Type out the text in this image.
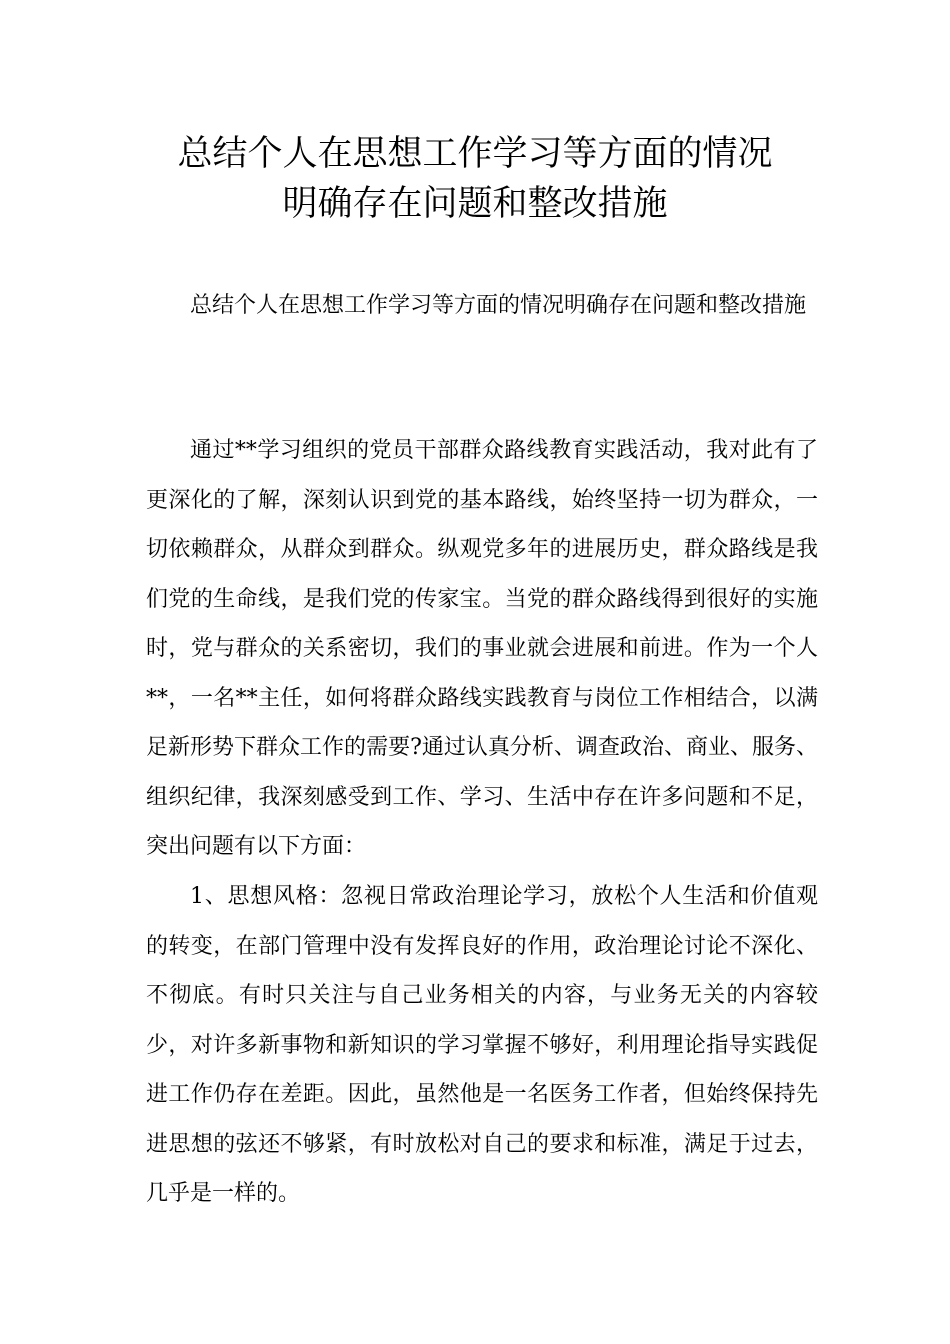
总结个人在思想工作学习等方面的情况
明确存在问题和整改措施

总结个人在思想工作学习等方面的情况明确存在问题和整改措施

通过**学习组织的党员干部群众路线教育实践活动，我对此有了更深化的了解，深刻认识到党的基本路线，始终坚持一切为群众，一切依赖群众，从群众到群众。纵观党多年的进展历史，群众路线是我们党的生命线，是我们党的传家宝。当党的群众路线得到很好的实施时，党与群众的关系密切，我们的事业就会进展和前进。作为一个人**，一名**主任，如何将群众路线实践教育与岗位工作相结合，以满足新形势下群众工作的需要?通过认真分析、调查政治、商业、服务、组织纪律，我深刻感受到工作、学习、生活中存在许多问题和不足，突出问题有以下方面：

1、思想风格：忽视日常政治理论学习，放松个人生活和价值观的转变，在部门管理中没有发挥良好的作用，政治理论讨论不深化、不彻底。有时只关注与自己业务相关的内容，与业务无关的内容较少，对许多新事物和新知识的学习掌握不够好，利用理论指导实践促进工作仍存在差距。因此，虽然他是一名医务工作者，但始终保持先进思想的弦还不够紧，有时放松对自己的要求和标准，满足于过去，几乎是一样的。
